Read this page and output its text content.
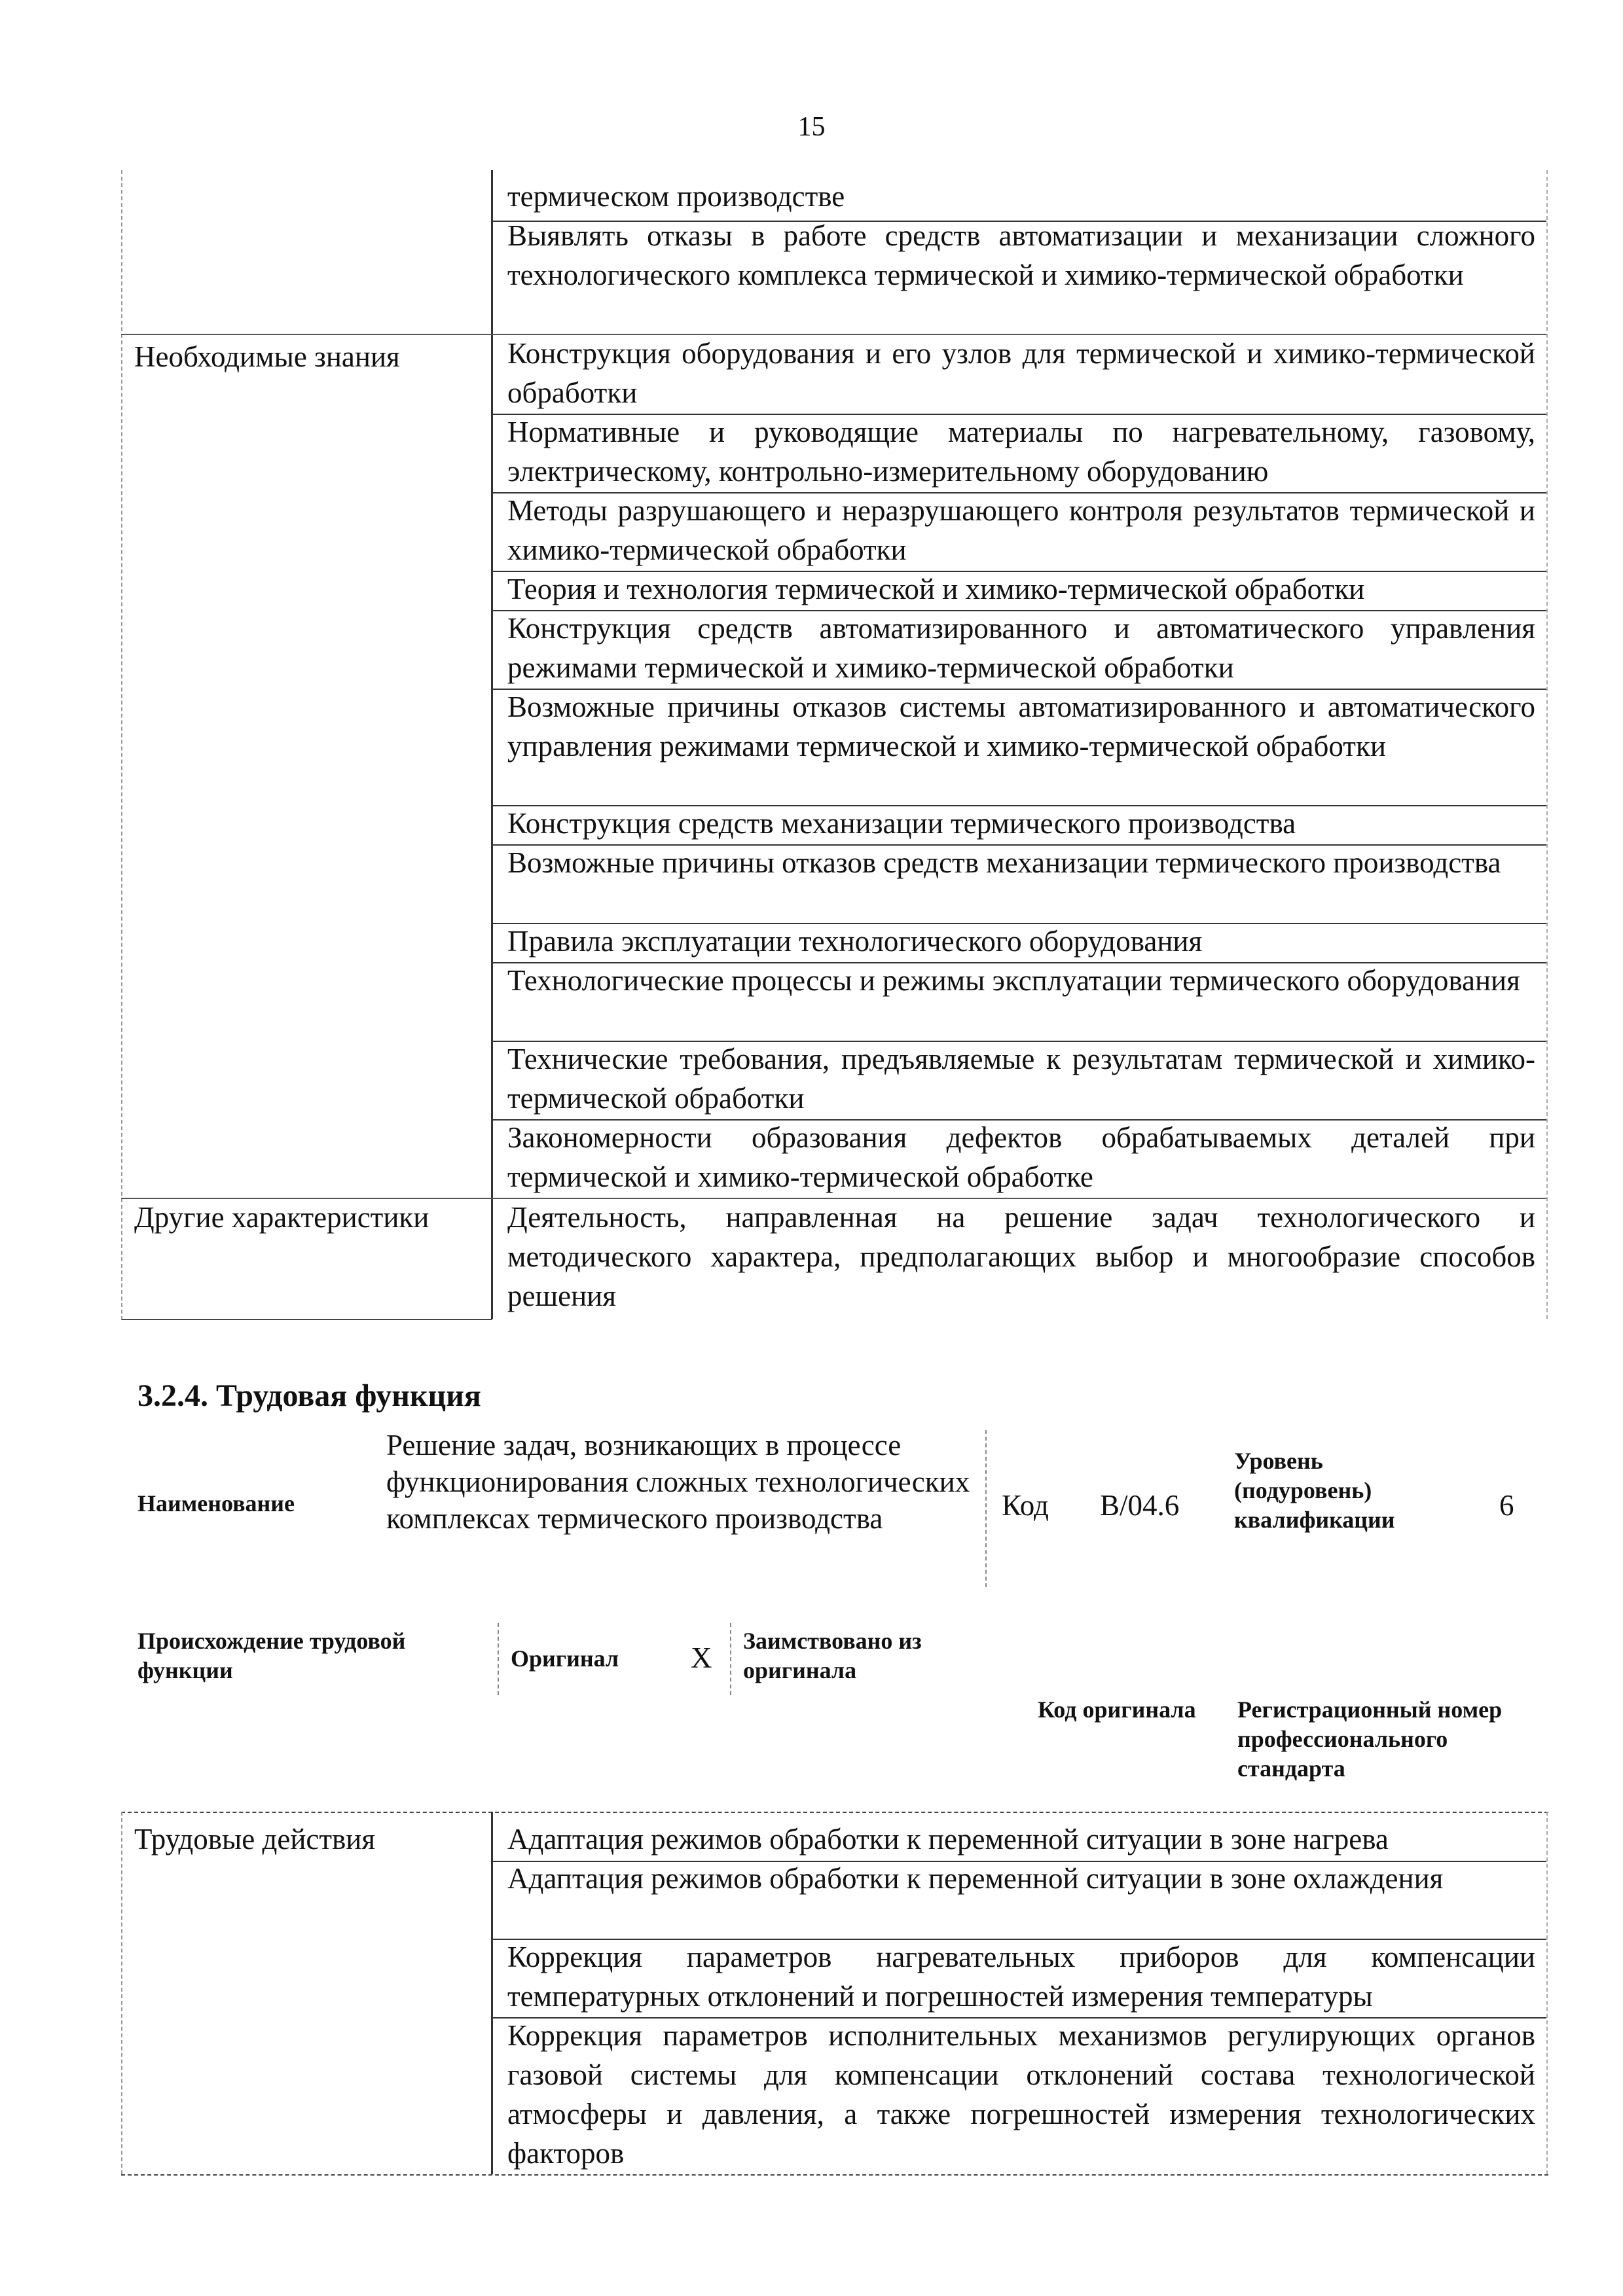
15
термическом производстве
Выявлять отказы в работе средств автоматизации и механизации сложного технологического комплекса термической и химико-термической обработки
Необходимые знания	Конструкция оборудования и его узлов для термической и химико-термической обработки
Нормативные и руководящие материалы по нагревательному, газовому, электрическому, контрольно-измерительному оборудованию
Методы разрушающего и неразрушающего контроля результатов термической и химико-термической обработки
Теория и технология термической и химико-термической обработки
Конструкция средств автоматизированного и автоматического управления режимами термической и химико-термической обработки
Возможные причины отказов системы автоматизированного и автоматического управления режимами термической и химико-термической обработки
Конструкция средств механизации термического производства
Возможные причины отказов средств механизации термического производства
Правила эксплуатации технологического оборудования
Технологические процессы и режимы эксплуатации термического оборудования
Технические требования, предъявляемые к результатам термической и химико-термической обработки
Закономерности образования дефектов обрабатываемых деталей при термической и химико-термической обработке
Другие характеристики	Деятельность, направленная на решение задач технологического и методического характера, предполагающих выбор и многообразие способов решения
3.2.4. Трудовая функция
Наименование
Решение задач, возникающих в процессе функционирования сложных технологических комплексах термического производства	Код B/04.6
Уровень (подуровень) квалификации	6
Происхождение трудовой функции	Оригинал X
Заимствовано из оригинала
Код оригинала Регистрационный номер профессионального стандарта
Трудовые действия	Адаптация режимов обработки к переменной ситуации в зоне нагрева
Адаптация режимов обработки к переменной ситуации в зоне охлаждения
Коррекция параметров нагревательных приборов для компенсации температурных отклонений и погрешностей измерения температуры
Коррекция параметров исполнительных механизмов регулирующих органов газовой системы для компенсации отклонений состава технологической атмосферы и давления, а также погрешностей измерения технологических факторов
